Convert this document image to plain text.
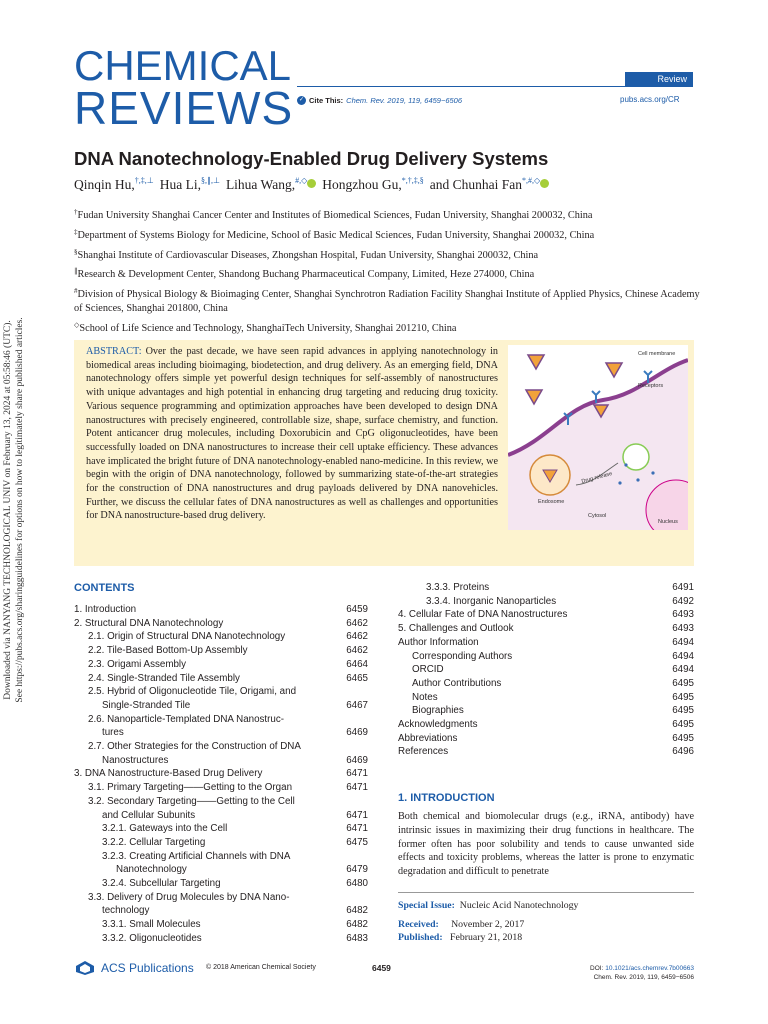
Downloaded via NANYANG TECHNOLOGICAL UNIV on February 13, 2024 at 05:58:46 (UTC). See https://pubs.acs.org/sharingguidelines for options on how to legitimately share published articles.
CHEMICAL
REVIEWS
Review
✓ Cite This: Chem. Rev. 2019, 119, 6459−6506	pubs.acs.org/CR
DNA Nanotechnology-Enabled Drug Delivery Systems
Qinqin Hu,†,‡,⊥ Hua Li,§,∥,⊥ Lihua Wang,#,◇ Hongzhou Gu,*,†,‡,§ and Chunhai Fan*,#,◇

†Fudan University Shanghai Cancer Center and Institutes of Biomedical Sciences, Fudan University, Shanghai 200032, China

‡Department of Systems Biology for Medicine, School of Basic Medical Sciences, Fudan University, Shanghai 200032, China

§Shanghai Institute of Cardiovascular Diseases, Zhongshan Hospital, Fudan University, Shanghai 200032, China

∥Research & Development Center, Shandong Buchang Pharmaceutical Company, Limited, Heze 274000, China

#Division of Physical Biology & Bioimaging Center, Shanghai Synchrotron Radiation Facility Shanghai Institute of Applied Physics, Chinese Academy of Sciences, Shanghai 201800, China

◇School of Life Science and Technology, ShanghaiTech University, Shanghai 201210, China

ABSTRACT: Over the past decade, we have seen rapid advances in applying nanotechnology in biomedical areas including bioimaging, biodetection, and drug delivery. As an emerging field, DNA nanotechnology offers simple yet powerful design techniques for self-assembly of nanostructures with unique advantages and high potential in enhancing drug targeting and reducing drug toxicity. Various sequence programming and optimization approaches have been developed to design DNA nanostructures with precisely engineered, controllable size, shape, surface chemistry, and function. Potent anticancer drug molecules, including Doxorubicin and CpG oligonucleotides, have been successfully loaded on DNA nanostructures to increase their cell uptake efficiency. These advances have implicated the bright future of DNA nanotechnology-enabled nano-medicine. In this review, we begin with the origin of DNA nanotechnology, followed by summarizing state-of-the-art strategies for the construction of DNA nanostructures and drug payloads delivered by DNA nanovehicles. Further, we discuss the cellular fates of DNA nanostructures as well as challenges and opportunities for DNA nanostructure-based drug delivery.
Cell membrane
Receptors
Drug release
Endosome
Cytosol
Nucleus
CONTENTS
1. Introduction	6459
2. Structural DNA Nanotechnology	6462
2.1. Origin of Structural DNA Nanotechnology	6462
2.2. Tile-Based Bottom-Up Assembly	6462
2.3. Origami Assembly	6464
2.4. Single-Stranded Tile Assembly	6465
2.5. Hybrid of Oligonucleotide Tile, Origami, and
Single-Stranded Tile	6467
2.6. Nanoparticle-Templated DNA Nanostruc-
tures	6469
2.7. Other Strategies for the Construction of DNA
Nanostructures	6469
3. DNA Nanostructure-Based Drug Delivery	6471
3.1. Primary Targeting——Getting to the Organ	6471
3.2. Secondary Targeting——Getting to the Cell
and Cellular Subunits	6471
3.2.1. Gateways into the Cell	6471
3.2.2. Cellular Targeting	6475
3.2.3. Creating Artificial Channels with DNA
Nanotechnology	6479
3.2.4. Subcellular Targeting	6480
3.3. Delivery of Drug Molecules by DNA Nano-
technology	6482
3.3.1. Small Molecules	6482
3.3.2. Oligonucleotides	6483
3.3.3. Proteins	6491
3.3.4. Inorganic Nanoparticles	6492
4. Cellular Fate of DNA Nanostructures	6493
5. Challenges and Outlook	6493
Author Information	6494
Corresponding Authors	6494
ORCID	6494
Author Contributions	6495
Notes	6495
Biographies	6495
Acknowledgments	6495
Abbreviations	6495
References	6496
1. INTRODUCTION
Both chemical and biomolecular drugs (e.g., iRNA, antibody) have intrinsic issues in maximizing their drug functions in healthcare. The former often has poor solubility and tends to cause unwanted side effects and toxicity problems, whereas the latter is prone to enzymatic degradation and difficult to penetrate
Special Issue: Nucleic Acid Nanotechnology
Received: November 2, 2017
Published: February 21, 2018
ACS Publications © 2018 American Chemical Society	6459	DOI: 10.1021/acs.chemrev.7b00663
Chem. Rev. 2019, 119, 6459−6506
